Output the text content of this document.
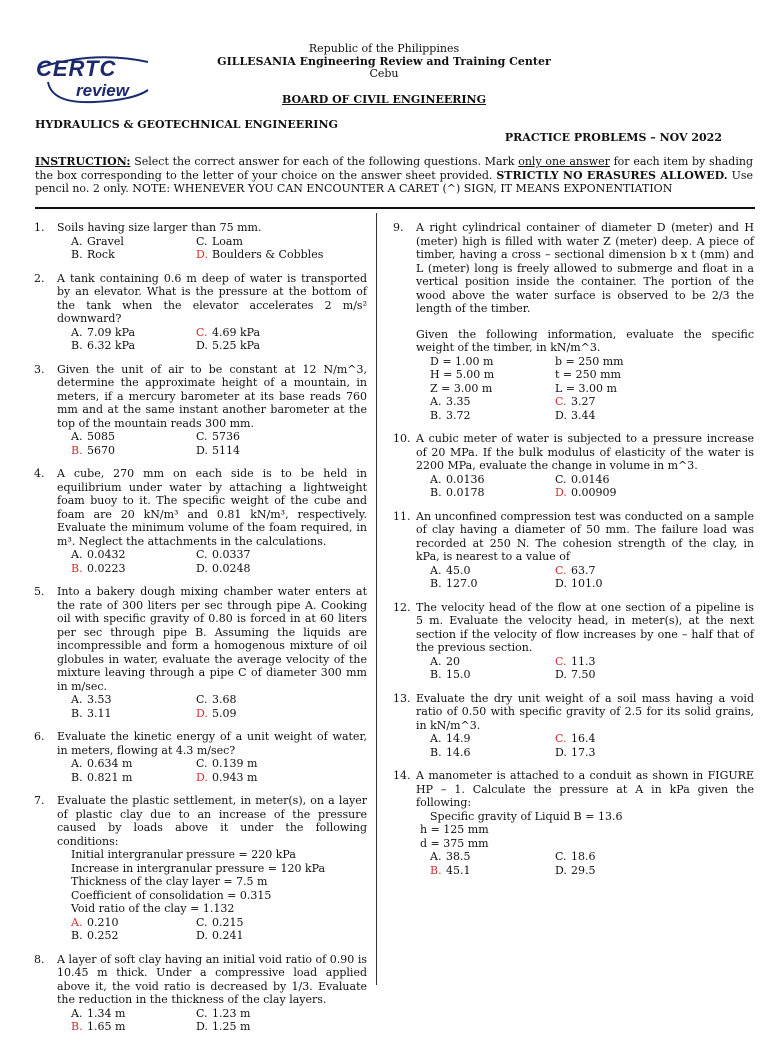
CERTC
review
Republic of the Philippines
GILLESANIA Engineering Review and Training Center
Cebu
BOARD OF CIVIL ENGINEERING
HYDRAULICS & GEOTECHNICAL ENGINEERING
PRACTICE PROBLEMS – NOV 2022
INSTRUCTION: Select the correct answer for each of the following questions. Mark only one answer for each item by shading the box corresponding to the letter of your choice on the answer sheet provided. STRICTLY NO ERASURES ALLOWED. Use pencil no. 2 only. NOTE: WHENEVER YOU CAN ENCOUNTER A CARET (^) SIGN, IT MEANS EXPONENTIATION
1. Soils having size larger than 75 mm.
A. Gravel	C. Loam
B. Rock	D. Boulders & Cobbles
2. A tank containing 0.6 m deep of water is transported by an elevator. What is the pressure at the bottom of the tank when the elevator accelerates 2 m/s² downward?
A. 7.09 kPa	C. 4.69 kPa
B. 6.32 kPa	D. 5.25 kPa
3. Given the unit of air to be constant at 12 N/m^3, determine the approximate height of a mountain, in meters, if a mercury barometer at its base reads 760 mm and at the same instant another barometer at the top of the mountain reads 300 mm.
A. 5085	C. 5736
B. 5670	D. 5114
4. A cube, 270 mm on each side is to be held in equilibrium under water by attaching a lightweight foam buoy to it. The specific weight of the cube and foam are 20 kN/m³ and 0.81 kN/m³, respectively. Evaluate the minimum volume of the foam required, in m³. Neglect the attachments in the calculations.
A. 0.0432	C. 0.0337
B. 0.0223	D. 0.0248
5. Into a bakery dough mixing chamber water enters at the rate of 300 liters per sec through pipe A. Cooking oil with specific gravity of 0.80 is forced in at 60 liters per sec through pipe B. Assuming the liquids are incompressible and form a homogenous mixture of oil globules in water, evaluate the average velocity of the mixture leaving through a pipe C of diameter 300 mm in m/sec.
A. 3.53	C. 3.68
B. 3.11	D. 5.09
6. Evaluate the kinetic energy of a unit weight of water, in meters, flowing at 4.3 m/sec?
A. 0.634 m	C. 0.139 m
B. 0.821 m	D. 0.943 m
7. Evaluate the plastic settlement, in meter(s), on a layer of plastic clay due to an increase of the pressure caused by loads above it under the following conditions:
Initial intergranular pressure = 220 kPa
Increase in intergranular pressure = 120 kPa
Thickness of the clay layer = 7.5 m
Coefficient of consolidation = 0.315
Void ratio of the clay = 1.132
A. 0.210	C. 0.215
B. 0.252	D. 0.241
8. A layer of soft clay having an initial void ratio of 0.90 is 10.45 m thick. Under a compressive load applied above it, the void ratio is decreased by 1/3. Evaluate the reduction in the thickness of the clay layers.
A. 1.34 m	C. 1.23 m
B. 1.65 m	D. 1.25 m
9. A right cylindrical container of diameter D (meter) and H (meter) high is filled with water Z (meter) deep. A piece of timber, having a cross – sectional dimension b x t (mm) and L (meter) long is freely allowed to submerge and float in a vertical position inside the container. The portion of the wood above the water surface is observed to be 2/3 the length of the timber.
Given the following information, evaluate the specific weight of the timber, in kN/m^3.
D = 1.00 m	b = 250 mm
H = 5.00 m	t = 250 mm
Z = 3.00 m	L = 3.00 m
A. 3.35	C. 3.27
B. 3.72	D. 3.44
10. A cubic meter of water is subjected to a pressure increase of 20 MPa. If the bulk modulus of elasticity of the water is 2200 MPa, evaluate the change in volume in m^3.
A. 0.0136	C. 0.0146
B. 0.0178	D. 0.00909
11. An unconfined compression test was conducted on a sample of clay having a diameter of 50 mm. The failure load was recorded at 250 N. The cohesion strength of the clay, in kPa, is nearest to a value of
A. 45.0	C. 63.7
B. 127.0	D. 101.0
12. The velocity head of the flow at one section of a pipeline is 5 m. Evaluate the velocity head, in meter(s), at the next section if the velocity of flow increases by one – half that of the previous section.
A. 20	C. 11.3
B. 15.0	D. 7.50
13. Evaluate the dry unit weight of a soil mass having a void ratio of 0.50 with specific gravity of 2.5 for its solid grains, in kN/m^3.
A. 14.9	C. 16.4
B. 14.6	D. 17.3
14. A manometer is attached to a conduit as shown in FIGURE HP – 1. Calculate the pressure at A in kPa given the following:
Specific gravity of Liquid B = 13.6
h = 125 mm
d = 375 mm
A. 38.5	C. 18.6
B. 45.1	D. 29.5
